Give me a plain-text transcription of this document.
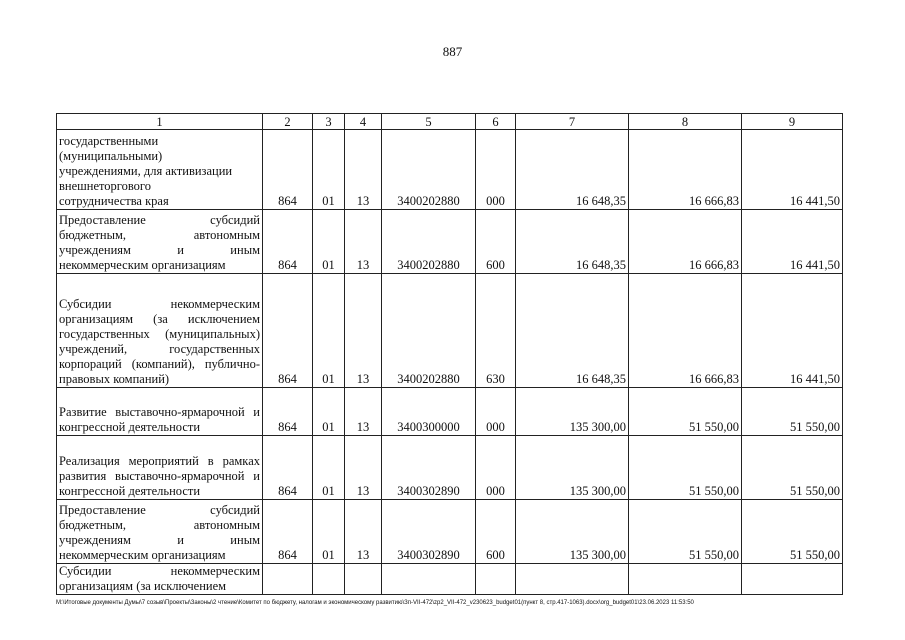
887
1	2	3	4	5	6	7	8	9

государственными
(муниципальными)
учреждениями, для активизации
внешнеторгового
сотрудничества края	864	01	13	3400202880	000	16 648,35	16 666,83	16 441,50

Предоставление субсидий бюджетным, автономным учреждениям и иным некоммерческим организациям	864	01	13	3400202880	600	16 648,35	16 666,83	16 441,50

Субсидии некоммерческим организациям (за исключением государственных (муниципальных) учреждений, государственных корпораций (компаний), публично-правовых компаний)	864	01	13	3400202880	630	16 648,35	16 666,83	16 441,50

Развитие выставочно-ярмарочной и конгрессной деятельности	864	01	13	3400300000	000	135 300,00	51 550,00	51 550,00

Реализация мероприятий в рамках развития выставочно-ярмарочной и конгрессной деятельности	864	01	13	3400302890	000	135 300,00	51 550,00	51 550,00

Предоставление субсидий бюджетным, автономным учреждениям и иным некоммерческим организациям	864	01	13	3400302890	600	135 300,00	51 550,00	51 550,00

Субсидии некоммерческим организациям (за исключением								

M:\Итоговые документы Думы\7 созыв\Проекты\Законы\2 чтение\Комитет по бюджету, налогам и экономическому развитию\Зп-VII-472\zp2_VII-472_v230623_budget01(пункт 8, стр.417-1063).docx\org_budget01\23.06.2023 11:53:50
